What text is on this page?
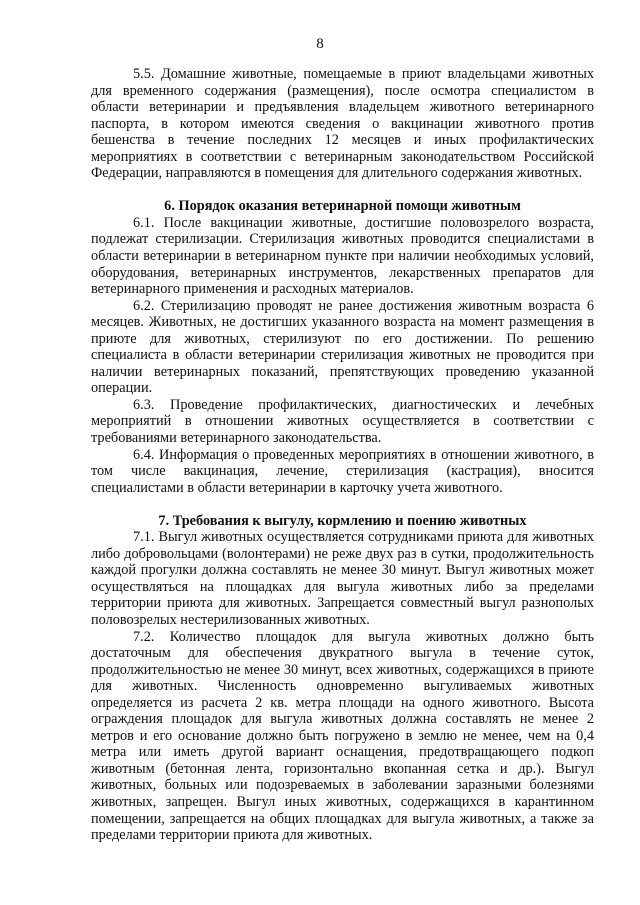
8

5.5. Домашние животные, помещаемые в приют владельцами животных для временного содержания (размещения), после осмотра специалистом в области ветеринарии и предъявления владельцем животного ветеринарного паспорта, в котором имеются сведения о вакцинации животного против бешенства в течение последних 12 месяцев и иных профилактических мероприятиях в соответствии с ветеринарным законодательством Российской Федерации, направляются в помещения для длительного содержания животных.

6. Порядок оказания ветеринарной помощи животным

6.1. После вакцинации животные, достигшие половозрелого возраста, подлежат стерилизации. Стерилизация животных проводится специалистами в области ветеринарии в ветеринарном пункте при наличии необходимых условий, оборудования, ветеринарных инструментов, лекарственных препаратов для ветеринарного применения и расходных материалов.

6.2. Стерилизацию проводят не ранее достижения животным возраста 6 месяцев. Животных, не достигших указанного возраста на момент размещения в приюте для животных, стерилизуют по его достижении. По решению специалиста в области ветеринарии стерилизация животных не проводится при наличии ветеринарных показаний, препятствующих проведению указанной операции.

6.3. Проведение профилактических, диагностических и лечебных мероприятий в отношении животных осуществляется в соответствии с требованиями ветеринарного законодательства.

6.4. Информация о проведенных мероприятиях в отношении животного, в том числе вакцинация, лечение, стерилизация (кастрация), вносится специалистами в области ветеринарии в карточку учета животного.

7. Требования к выгулу, кормлению и поению животных

7.1. Выгул животных осуществляется сотрудниками приюта для животных либо добровольцами (волонтерами) не реже двух раз в сутки, продолжительность каждой прогулки должна составлять не менее 30 минут. Выгул животных может осуществляться на площадках для выгула животных либо за пределами территории приюта для животных. Запрещается совместный выгул разнополых половозрелых нестерилизованных животных.

7.2. Количество площадок для выгула животных должно быть достаточным для обеспечения двукратного выгула в течение суток, продолжительностью не менее 30 минут, всех животных, содержащихся в приюте для животных. Численность одновременно выгуливаемых животных определяется из расчета 2 кв. метра площади на одного животного. Высота ограждения площадок для выгула животных должна составлять не менее 2 метров и его основание должно быть погружено в землю не менее, чем на 0,4 метра или иметь другой вариант оснащения, предотвращающего подкоп животным (бетонная лента, горизонтально вкопанная сетка и др.). Выгул животных, больных или подозреваемых в заболевании заразными болезнями животных, запрещен. Выгул иных животных, содержащихся в карантинном помещении, запрещается на общих площадках для выгула животных, а также за пределами территории приюта для животных.
